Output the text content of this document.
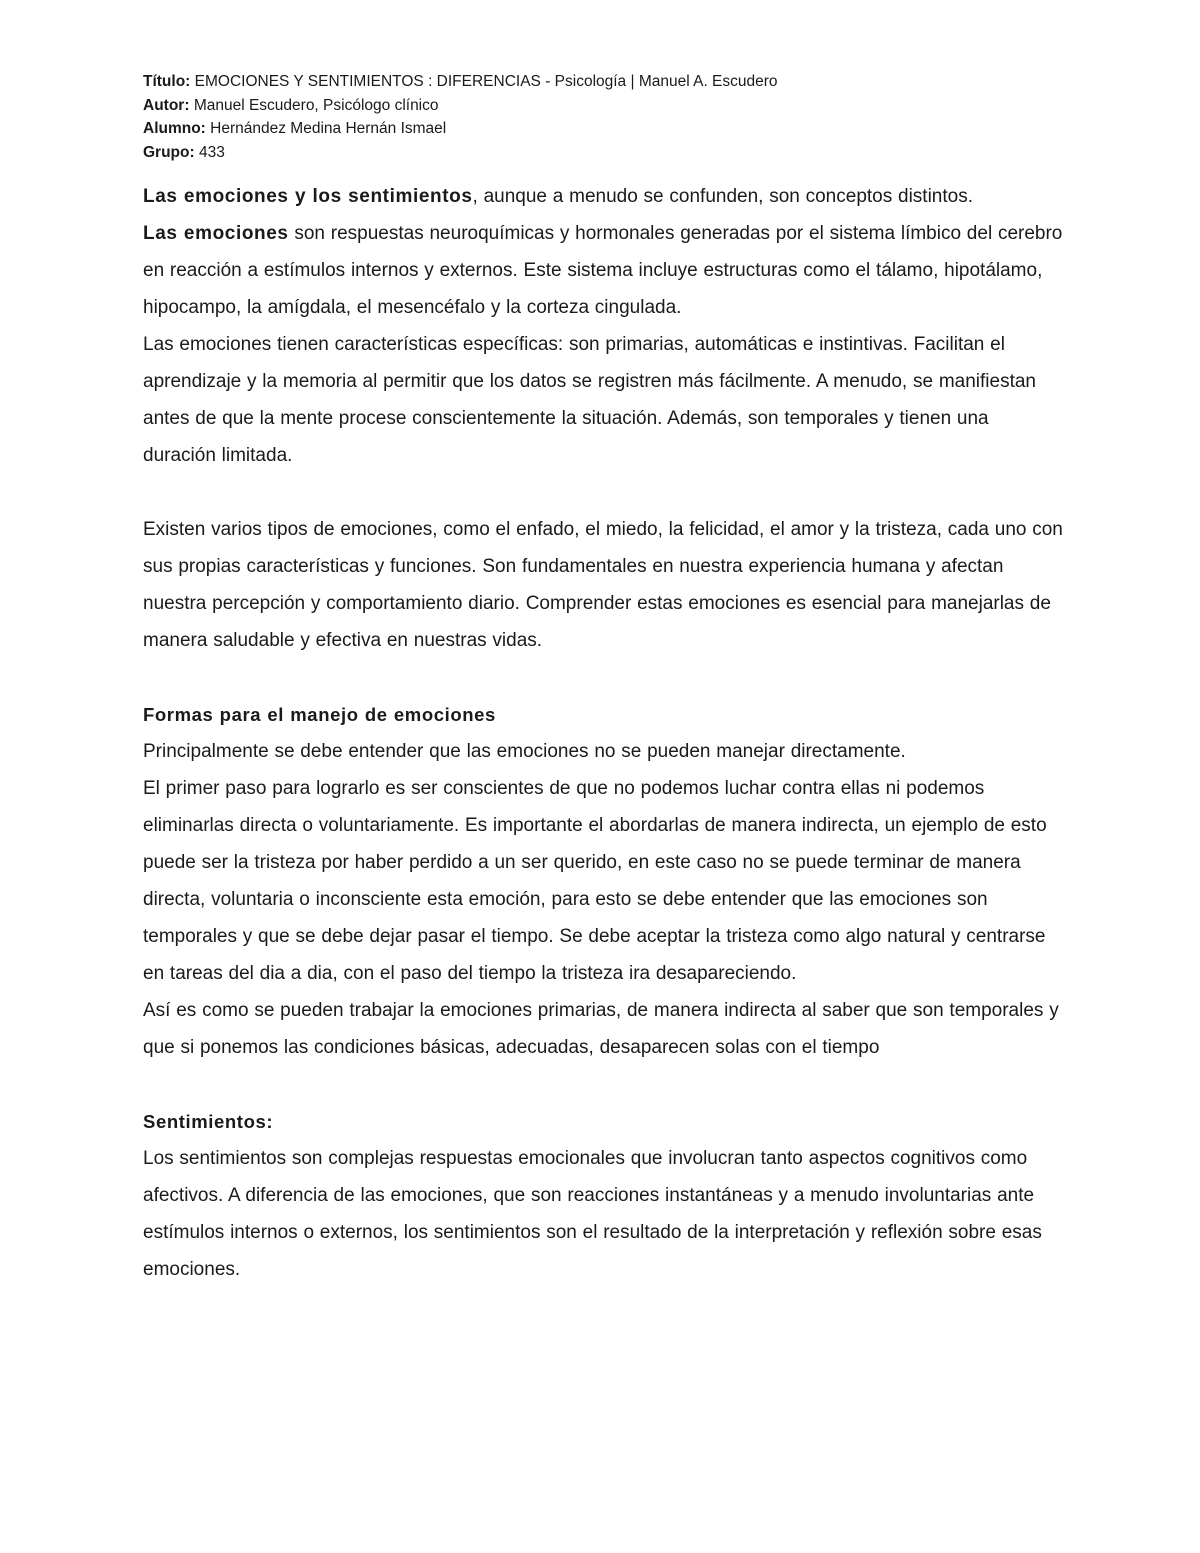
Título: EMOCIONES Y SENTIMIENTOS : DIFERENCIAS - Psicología | Manuel A. Escudero
Autor: Manuel Escudero, Psicólogo clínico
Alumno: Hernández Medina Hernán Ismael
Grupo: 433

Las emociones y los sentimientos, aunque a menudo se confunden, son conceptos distintos.

Las emociones son respuestas neuroquímicas y hormonales generadas por el sistema límbico del cerebro en reacción a estímulos internos y externos. Este sistema incluye estructuras como el tálamo, hipotálamo, hipocampo, la amígdala, el mesencéfalo y la corteza cingulada.

Las emociones tienen características específicas: son primarias, automáticas e instintivas. Facilitan el aprendizaje y la memoria al permitir que los datos se registren más fácilmente. A menudo, se manifiestan antes de que la mente procese conscientemente la situación. Además, son temporales y tienen una duración limitada.

Existen varios tipos de emociones, como el enfado, el miedo, la felicidad, el amor y la tristeza, cada uno con sus propias características y funciones. Son fundamentales en nuestra experiencia humana y afectan nuestra percepción y comportamiento diario. Comprender estas emociones es esencial para manejarlas de manera saludable y efectiva en nuestras vidas.

Formas para el manejo de emociones

Principalmente se debe entender que las emociones no se pueden manejar directamente.

El primer paso para lograrlo es ser conscientes de que no podemos luchar contra ellas ni podemos eliminarlas directa o voluntariamente. Es importante el abordarlas de manera indirecta, un ejemplo de esto puede ser la tristeza por haber perdido a un ser querido, en este caso no se puede terminar de manera directa, voluntaria o inconsciente esta emoción, para esto se debe entender que las emociones son temporales y que se debe dejar pasar el tiempo. Se debe aceptar la tristeza como algo natural y centrarse en tareas del dia a dia, con el paso del tiempo la tristeza ira desapareciendo.

Así es como se pueden trabajar la emociones primarias, de manera indirecta al saber que son temporales y que si ponemos las condiciones básicas, adecuadas, desaparecen solas con el tiempo

Sentimientos:

Los sentimientos son complejas respuestas emocionales que involucran tanto aspectos cognitivos como afectivos. A diferencia de las emociones, que son reacciones instantáneas y a menudo involuntarias ante estímulos internos o externos, los sentimientos son el resultado de la interpretación y reflexión sobre esas emociones.
